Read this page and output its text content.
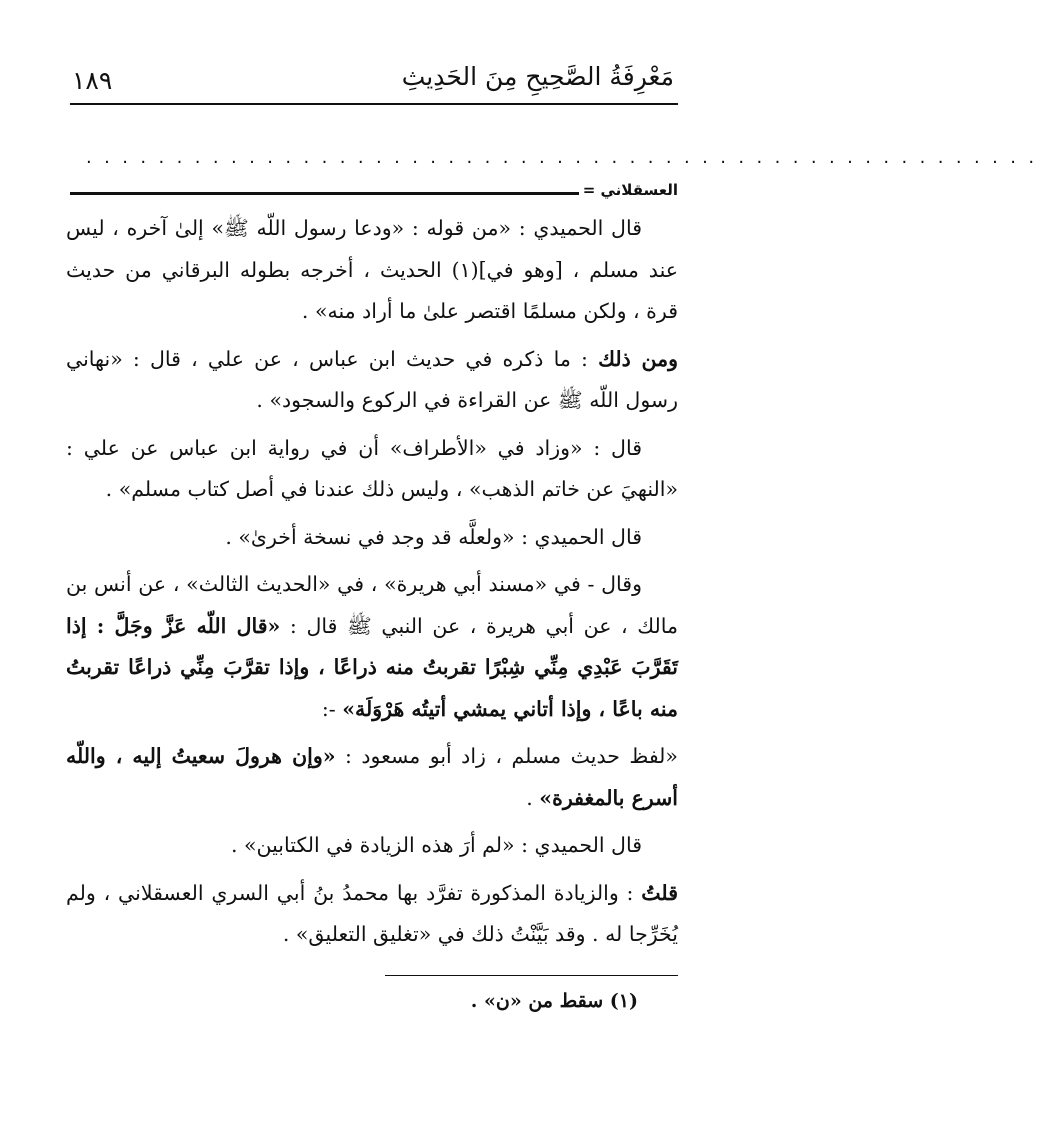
١٨٩	مَعْرِفَةُ الصَّحِيحِ مِنَ الحَدِيثِ
.....................................................
العسقلاني =

قال الحميدي : «من قوله : «ودعا رسول اللّه ﷺ» إلىٰ آخره ، ليس عند مسلم ، [وهو في](١) الحديث ، أخرجه بطوله البرقاني من حديث قرة ، ولكن مسلمًا اقتصر علىٰ ما أراد منه» .

ومن ذلك : ما ذكره في حديث ابن عباس ، عن علي ، قال : «نهاني رسول اللّه ﷺ عن القراءة في الركوع والسجود» .

قال : «وزاد في «الأطراف» أن في رواية ابن عباس عن علي : «النهيَ عن خاتم الذهب» ، وليس ذلك عندنا في أصل كتاب مسلم» .

قال الحميدي : «ولعلَّه قد وجد في نسخة أخرىٰ» .

وقال - في «مسند أبي هريرة» ، في «الحديث الثالث» ، عن أنس بن مالك ، عن أبي هريرة ، عن النبي ﷺ قال : «قال اللّه عَزَّ وجَلَّ : إذا تَقَرَّبَ عَبْدِي مِنِّي شِبْرًا تقربتُ منه ذراعًا ، وإذا تقرَّبَ مِنِّي ذراعًا تقربتُ منه باعًا ، وإذا أتاني يمشي أتيتُه هَرْوَلَة» -:

«لفظ حديث مسلم ، زاد أبو مسعود : «وإن هرولَ سعيتُ إليه ، واللّه أسرع بالمغفرة» .

قال الحميدي : «لم أرَ هذه الزيادة في الكتابين» .

قلتُ : والزيادة المذكورة تفرَّد بها محمدُ بنُ أبي السري العسقلاني ، ولم يُخَرِّجا له . وقد بَيَّنْتُ ذلك في «تغليق التعليق» .

(١) سقط من «ن» .
